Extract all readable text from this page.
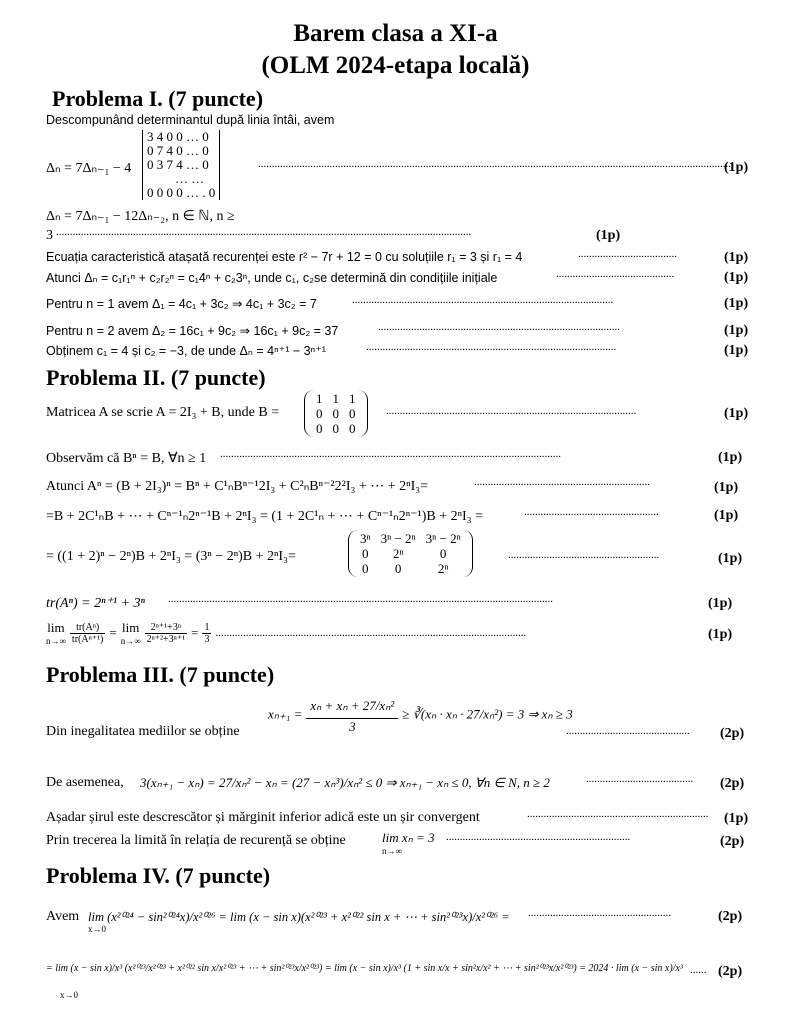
Barem clasa a XI-a
(OLM 2024-etapa locală)
Problema I. (7 puncte)
Descompunând determinantul după linia întâi, avem
Δₙ = 7Δₙ₋₁ − 4
3 4 0 0 … 0
0 7 4 0 … 0
0 3 7 4 … 0
… …
0 0 0 0 … . 0
............................................................................................................................................................................
(1p)
Δₙ = 7Δₙ₋₁ − 12Δₙ₋₂, n ∈ ℕ, n ≥
3 .......................................................................................................................................................	(1p)
Ecuația caracteristică atașată recurenței este r² − 7r + 12 = 0 cu soluțiile r₁ = 3 și r₁ = 4	....................................	(1p)
Atunci Δₙ = c₁r₁ⁿ + c₂r₂ⁿ = c₁4ⁿ + c₂3ⁿ, unde c₁, c₂se determină din condițiile inițiale	...........................................	(1p)
Pentru n = 1 avem Δ₁ = 4c₁ + 3c₂ ⇒ 4c₁ + 3c₂ = 7	...............................................................................................	(1p)
Pentru n = 2 avem Δ₂ = 16c₁ + 9c₂ ⇒ 16c₁ + 9c₂ = 37	........................................................................................	(1p)
Obținem c₁ = 4 și c₂ = −3, de unde Δₙ = 4ⁿ⁺¹ − 3ⁿ⁺¹	...........................................................................................	(1p)
Problema II. (7 puncte)
Matricea A se scrie A = 2I₃ + B, unde B =
1	1	1
0	0	0
0	0	0
...........................................................................................	(1p)
Observăm că Bⁿ = B, ∀n ≥ 1 ............................................................................................................................	(1p)
Atunci Aⁿ = (B + 2I₃)ⁿ = Bⁿ + C¹ₙBⁿ⁻¹2I₃ + C²ₙBⁿ⁻²2²I₃ + ⋯ + 2ⁿI₃=	................................................................	(1p)
=B + 2C¹ₙB + ⋯ + Cⁿ⁻¹ₙ2ⁿ⁻¹B + 2ⁿI₃ = (1 + 2C¹ₙ + ⋯ + Cⁿ⁻¹ₙ2ⁿ⁻¹)B + 2ⁿI₃ =	.................................................	(1p)
= ((1 + 2)ⁿ − 2ⁿ)B + 2ⁿI₃ = (3ⁿ − 2ⁿ)B + 2ⁿI₃=
3ⁿ	3ⁿ − 2ⁿ	3ⁿ − 2ⁿ
0	2ⁿ	0
0	0	2ⁿ
.......................................................	(1p)
tr(Aⁿ) = 2ⁿ⁺¹ + 3ⁿ ............................................................................................................................................	(1p)
lim
n→∞
$\frac{\text{tr(Aⁿ)}}{\text{tr(Aⁿ⁺¹)}} = \lim$
n→∞
$\frac{\text{2ⁿ⁺¹+3ⁿ}}{\text{2ⁿ⁺²+3ⁿ⁺¹}} = \frac{1}{3}$ .................................................................................................................	(1p)
Problema III. (7 puncte)
Din inegalitatea mediilor se obține
$x_{n+1} = \frac{\text{xₙ + xₙ + 27/xₙ²}}{3}$ ≥ ∛(xₙ · xₙ · 27/xₙ²) = 3 ⇒ xₙ ≥ 3
............................................. (2p)
De asemenea, 3(xₙ₊₁ − xₙ) = 27/xₙ² − xₙ = (27 − xₙ³)/xₙ² ≤ 0 ⇒ xₙ₊₁ − xₙ ≤ 0, ∀n ∈ N, n ≥ 2	....................................... (2p)
Așadar șirul este descrescător și mărginit inferior adică este un șir convergent	.................................................................. (1p)
Prin trecerea la limită în relația de recurență se obține	lim xₙ = 3
n→∞
...................................................................	(2p)
Problema IV. (7 puncte)
Avem lim (x²⁰²⁴ − sin²⁰²⁴x)/x²⁰²⁶ = lim (x − sin x)(x²⁰²³ + x²⁰²² sin x + ⋯ + sin²⁰²³x)/x²⁰²⁶ =
x→0
....................................................	(2p)
= lim (x − sin x)/x³ (x²⁰²³/x²⁰²³ + x²⁰²² sin x/x²⁰²³ + ⋯ + sin²⁰²³x/x²⁰²³) = lim (x − sin x)/x³ (1 + sin x/x + sin²x/x² + ⋯ + sin²⁰²³x/x²⁰²³) = 2024 · lim (x − sin x)/x³
x→0
...... (2p)
